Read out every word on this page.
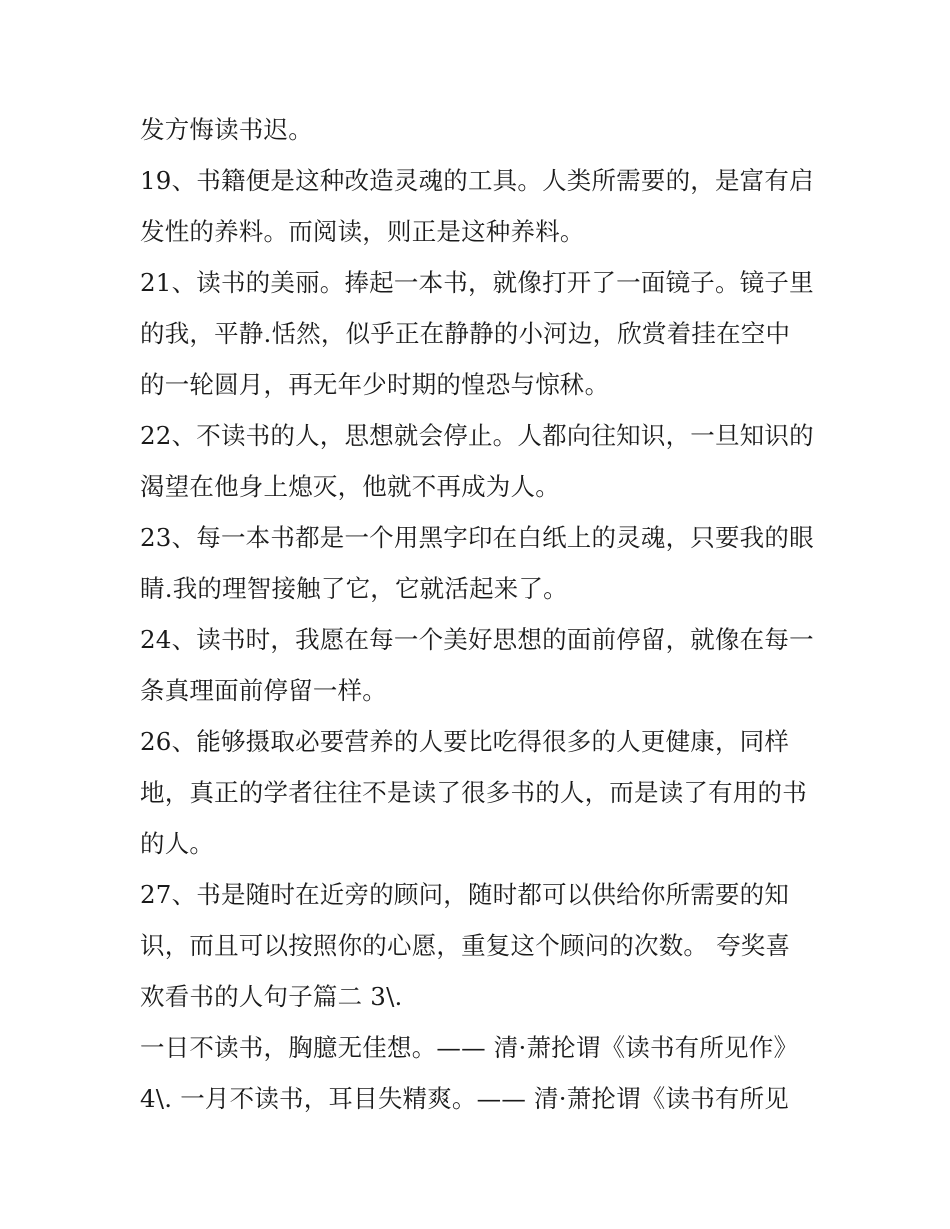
发方悔读书迟。
19、书籍便是这种改造灵魂的工具。人类所需要的，是富有启
发性的养料。而阅读，则正是这种养料。
21、读书的美丽。捧起一本书，就像打开了一面镜子。镜子里
的我，平静.恬然，似乎正在静静的小河边，欣赏着挂在空中
的一轮圆月，再无年少时期的惶恐与惊秫。
22、不读书的人，思想就会停止。人都向往知识，一旦知识的
渴望在他身上熄灭，他就不再成为人。
23、每一本书都是一个用黑字印在白纸上的灵魂，只要我的眼
睛.我的理智接触了它，它就活起来了。
24、读书时，我愿在每一个美好思想的面前停留，就像在每一
条真理面前停留一样。
26、能够摄取必要营养的人要比吃得很多的人更健康，同样
地，真正的学者往往不是读了很多书的人，而是读了有用的书
的人。
27、书是随时在近旁的顾问，随时都可以供给你所需要的知
识，而且可以按照你的心愿，重复这个顾问的次数。 夸奖喜
欢看书的人句子篇二 3\.
一日不读书，胸臆无佳想。—— 清·萧抡谓《读书有所见作》
4\. 一月不读书，耳目失精爽。—— 清·萧抡谓《读书有所见
